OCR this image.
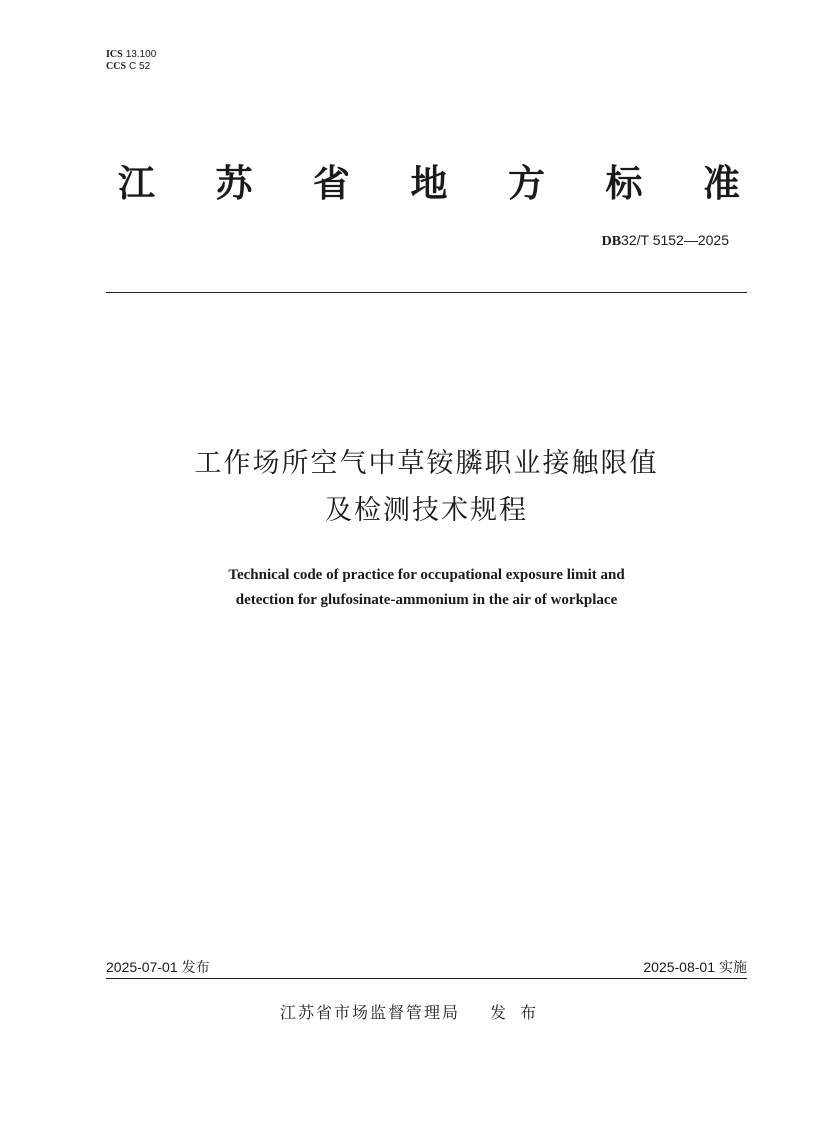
ICS 13.100
CCS C 52
江 苏 省 地 方 标 准
DB32/T 5152—2025
工作场所空气中草铵膦职业接触限值
及检测技术规程
Technical code of practice for occupational exposure limit and
detection for glufosinate-ammonium in the air of workplace
2025-07-01 发布	2025-08-01 实施
江苏省市场监督管理局 发布
